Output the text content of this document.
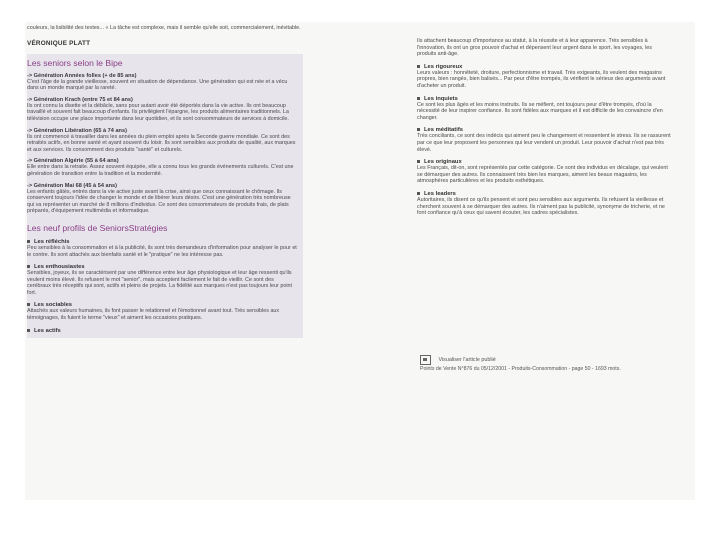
couleurs, la lisibilité des textes... « La tâche est complexe, mais il semble qu'elle soit, commercialement, inévitable.

VÉRONIQUE PLATT
Les seniors selon le Bipe
-> Génération Années folles (+ de 85 ans)

C'est l'âge de la grande vieillesse, souvent en situation de dépendance. Une génération qui est née et a vécu dans un monde marqué par la rareté.

-> Génération Krach (entre 75 et 84 ans)

Ils ont connu la disette et la débâcle, sans pour autant avoir été déportés dans la vie active. Ils ont beaucoup travaillé et souvent fait beaucoup d'enfants. Ils privilégient l'épargne, les produits alimentaires traditionnels. La télévision occupe une place importante dans leur quotidien, et ils sont consommateurs de services à domicile.

-> Génération Libération (65 à 74 ans)

Ils ont commencé à travailler dans les années du plein emploi après la Seconde guerre mondiale. Ce sont des retraités actifs, en bonne santé et ayant souvent du loisir. Ils sont sensibles aux produits de qualité, aux marques et aux services. Ils consomment des produits "santé" et culturels.

-> Génération Algérie (55 à 64 ans)

Elle entre dans la retraite. Assez souvent équipée, elle a connu tous les grands événements culturels. C'est une génération de transition entre la tradition et la modernité.

-> Génération Mai 68 (45 à 54 ans)

Les enfants gâtés, entrés dans la vie active juste avant la crise, ainsi que ceux connaissant le chômage. Ils conservent toujours l'idée de changer le monde et de libérer leurs désirs. C'est une génération très nombreuse qui va représenter un marché de 8 millions d'individus. Ce sont des consommateurs de produits frais, de plats préparés, d'équipement multimédia et informatique.

Les neuf profils de SeniorsStratégies
Les réfléchis

Peu sensibles à la consommation et à la publicité, ils sont très demandeurs d'information pour analyser le pour et le contre. Ils sont attachés aux bienfaits santé et le "pratique" ne les intéresse pas.

Les enthousiastes

Sensibles, joyeux, ils se caractérisent par une différence entre leur âge physiologique et leur âge ressenti qu'ils veulent moins élevé. Ils refusent le mot "senior", mais acceptent facilement le fait de vieillir. Ce sont des cerébraux très réceptifs qui sont, actifs et pleins de projets. La fidélité aux marques n'est pas toujours leur point fort.

Les sociables

Attachés aux valeurs humaines, ils font passer le relationnel et l'émotionnel avant tout. Très sensibles aux témoignages, ils fuient le terme "vieux" et aiment les occasions pratiques.

Les actifs

Ils attachent beaucoup d'importance au statut, à la réussite et à leur apparence. Très sensibles à l'innovation, ils ont un gros pouvoir d'achat et dépensent leur argent dans le sport, les voyages, les produits anti-âge.

Les rigoureux

Leurs valeurs : honnêteté, droiture, perfectionnisme et travail. Très exigeants, ils veulent des magasins propres, bien rangés, bien balisés... Par peur d'être trompés, ils vérifient le sérieux des arguments avant d'acheter un produit.

Les inquiets

Ce sont les plus âgés et les moins instruits. Ils se méfient, ont toujours peur d'être trompés, d'où la nécessité de leur inspirer confiance. Ils sont fidèles aux marques et il est difficile de les convaincre d'en changer.

Les méditatifs

Très conciliants, ce sont des indécis qui aiment peu le changement et ressentent le stress. Ils se rassurent par ce que leur proposent les personnes qui leur vendent un produit. Leur pouvoir d'achat n'est pas très élevé.

Les originaux

Les Français, dit-on, sont représentés par cette catégorie. Ce sont des individus en décalage, qui veulent se démarquer des autres. Ils connaissent très bien les marques, aiment les beaux magasins, les atmosphères particulières et les produits esthétiques.

Les leaders

Autoritaires, ils disent ce qu'ils pensent et sont peu sensibles aux arguments. Ils refusent la vieillesse et cherchent souvent à se démarquer des autres. Ils n'aiment pas la publicité, synonyme de tricherie, et ne font confiance qu'à ceux qui savent écouter, les cadres spécialistes.

Visualiser l'article publié
Points de Vente N°876 du 05/12/2001 - Produits-Consommation - page 50 - 1693 mots.
